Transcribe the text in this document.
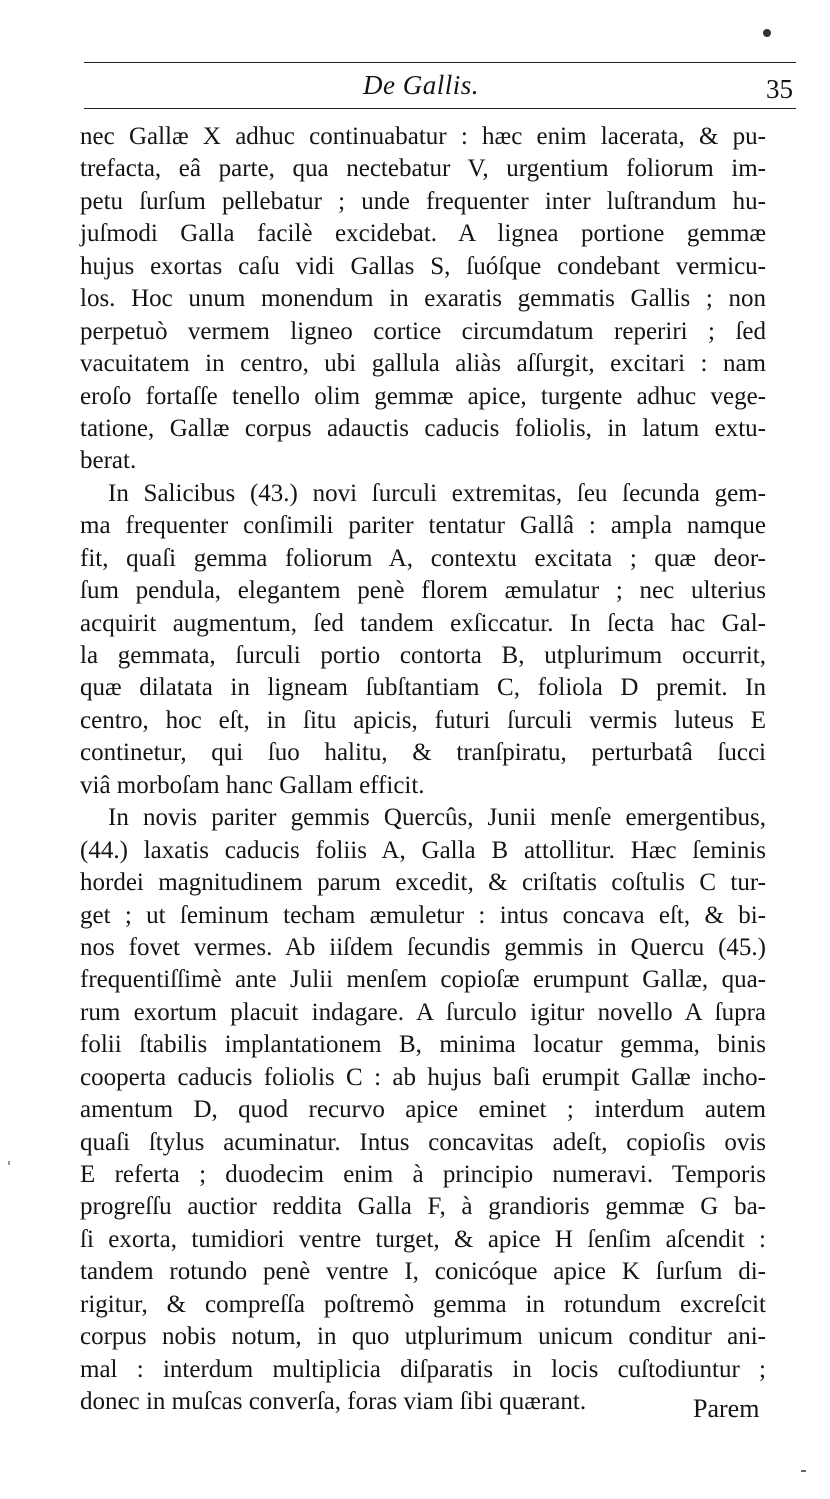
De Gallis.	35
nec Gallæ X adhuc continuabatur : hæc enim lacerata, & pu-
trefacta, eâ parte, qua nectebatur V, urgentium foliorum im-
petu ſurſum pellebatur ; unde frequenter inter luſtrandum hu-
juſmodi Galla facilè excidebat. A lignea portione gemmæ
hujus exortas caſu vidi Gallas S, ſuóſque condebant vermicu-
los. Hoc unum monendum in exaratis gemmatis Gallis ; non
perpetuò vermem ligneo cortice circumdatum reperiri ; ſed
vacuitatem in centro, ubi gallula aliàs aſſurgit, excitari : nam
eroſo fortaſſe tenello olim gemmæ apice, turgente adhuc vege-
tatione, Gallæ corpus adauctis caducis foliolis, in latum extu-
berat.
In Salicibus (43.) novi ſurculi extremitas, ſeu ſecunda gem-
ma frequenter conſimili pariter tentatur Gallâ : ampla namque
fit, quaſi gemma foliorum A, contextu excitata ; quæ deor-
ſum pendula, elegantem penè florem æmulatur ; nec ulterius
acquirit augmentum, ſed tandem exſiccatur. In ſecta hac Gal-
la gemmata, ſurculi portio contorta B, utplurimum occurrit,
quæ dilatata in ligneam ſubſtantiam C, foliola D premit. In
centro, hoc eſt, in ſitu apicis, futuri ſurculi vermis luteus E
continetur, qui ſuo halitu, & tranſpiratu, perturbatâ ſucci
viâ morboſam hanc Gallam efficit.
In novis pariter gemmis Quercûs, Junii menſe emergentibus,
(44.) laxatis caducis foliis A, Galla B attollitur. Hæc ſeminis
hordei magnitudinem parum excedit, & criſtatis coſtulis C tur-
get ; ut ſeminum techam æmuletur : intus concava eſt, & bi-
nos fovet vermes. Ab iiſdem ſecundis gemmis in Quercu (45.)
frequentiſſimè ante Julii menſem copioſæ erumpunt Gallæ, qua-
rum exortum placuit indagare. A ſurculo igitur novello A ſupra
folii ſtabilis implantationem B, minima locatur gemma, binis
cooperta caducis foliolis C : ab hujus baſi erumpit Gallæ incho-
amentum D, quod recurvo apice eminet ; interdum autem
quaſi ſtylus acuminatur. Intus concavitas adeſt, copioſis ovis
E referta ; duodecim enim à principio numeravi. Temporis
progreſſu auctior reddita Galla F, à grandioris gemmæ G ba-
ſi exorta, tumidiori ventre turget, & apice H ſenſim aſcendit :
tandem rotundo penè ventre I, conicóque apice K ſurſum di-
rigitur, & compreſſa poſtremò gemma in rotundum excreſcit
corpus nobis notum, in quo utplurimum unicum conditur ani-
mal : interdum multiplicia diſparatis in locis cuſtodiuntur ;
donec in muſcas converſa, foras viam ſibi quærant.	Parem
